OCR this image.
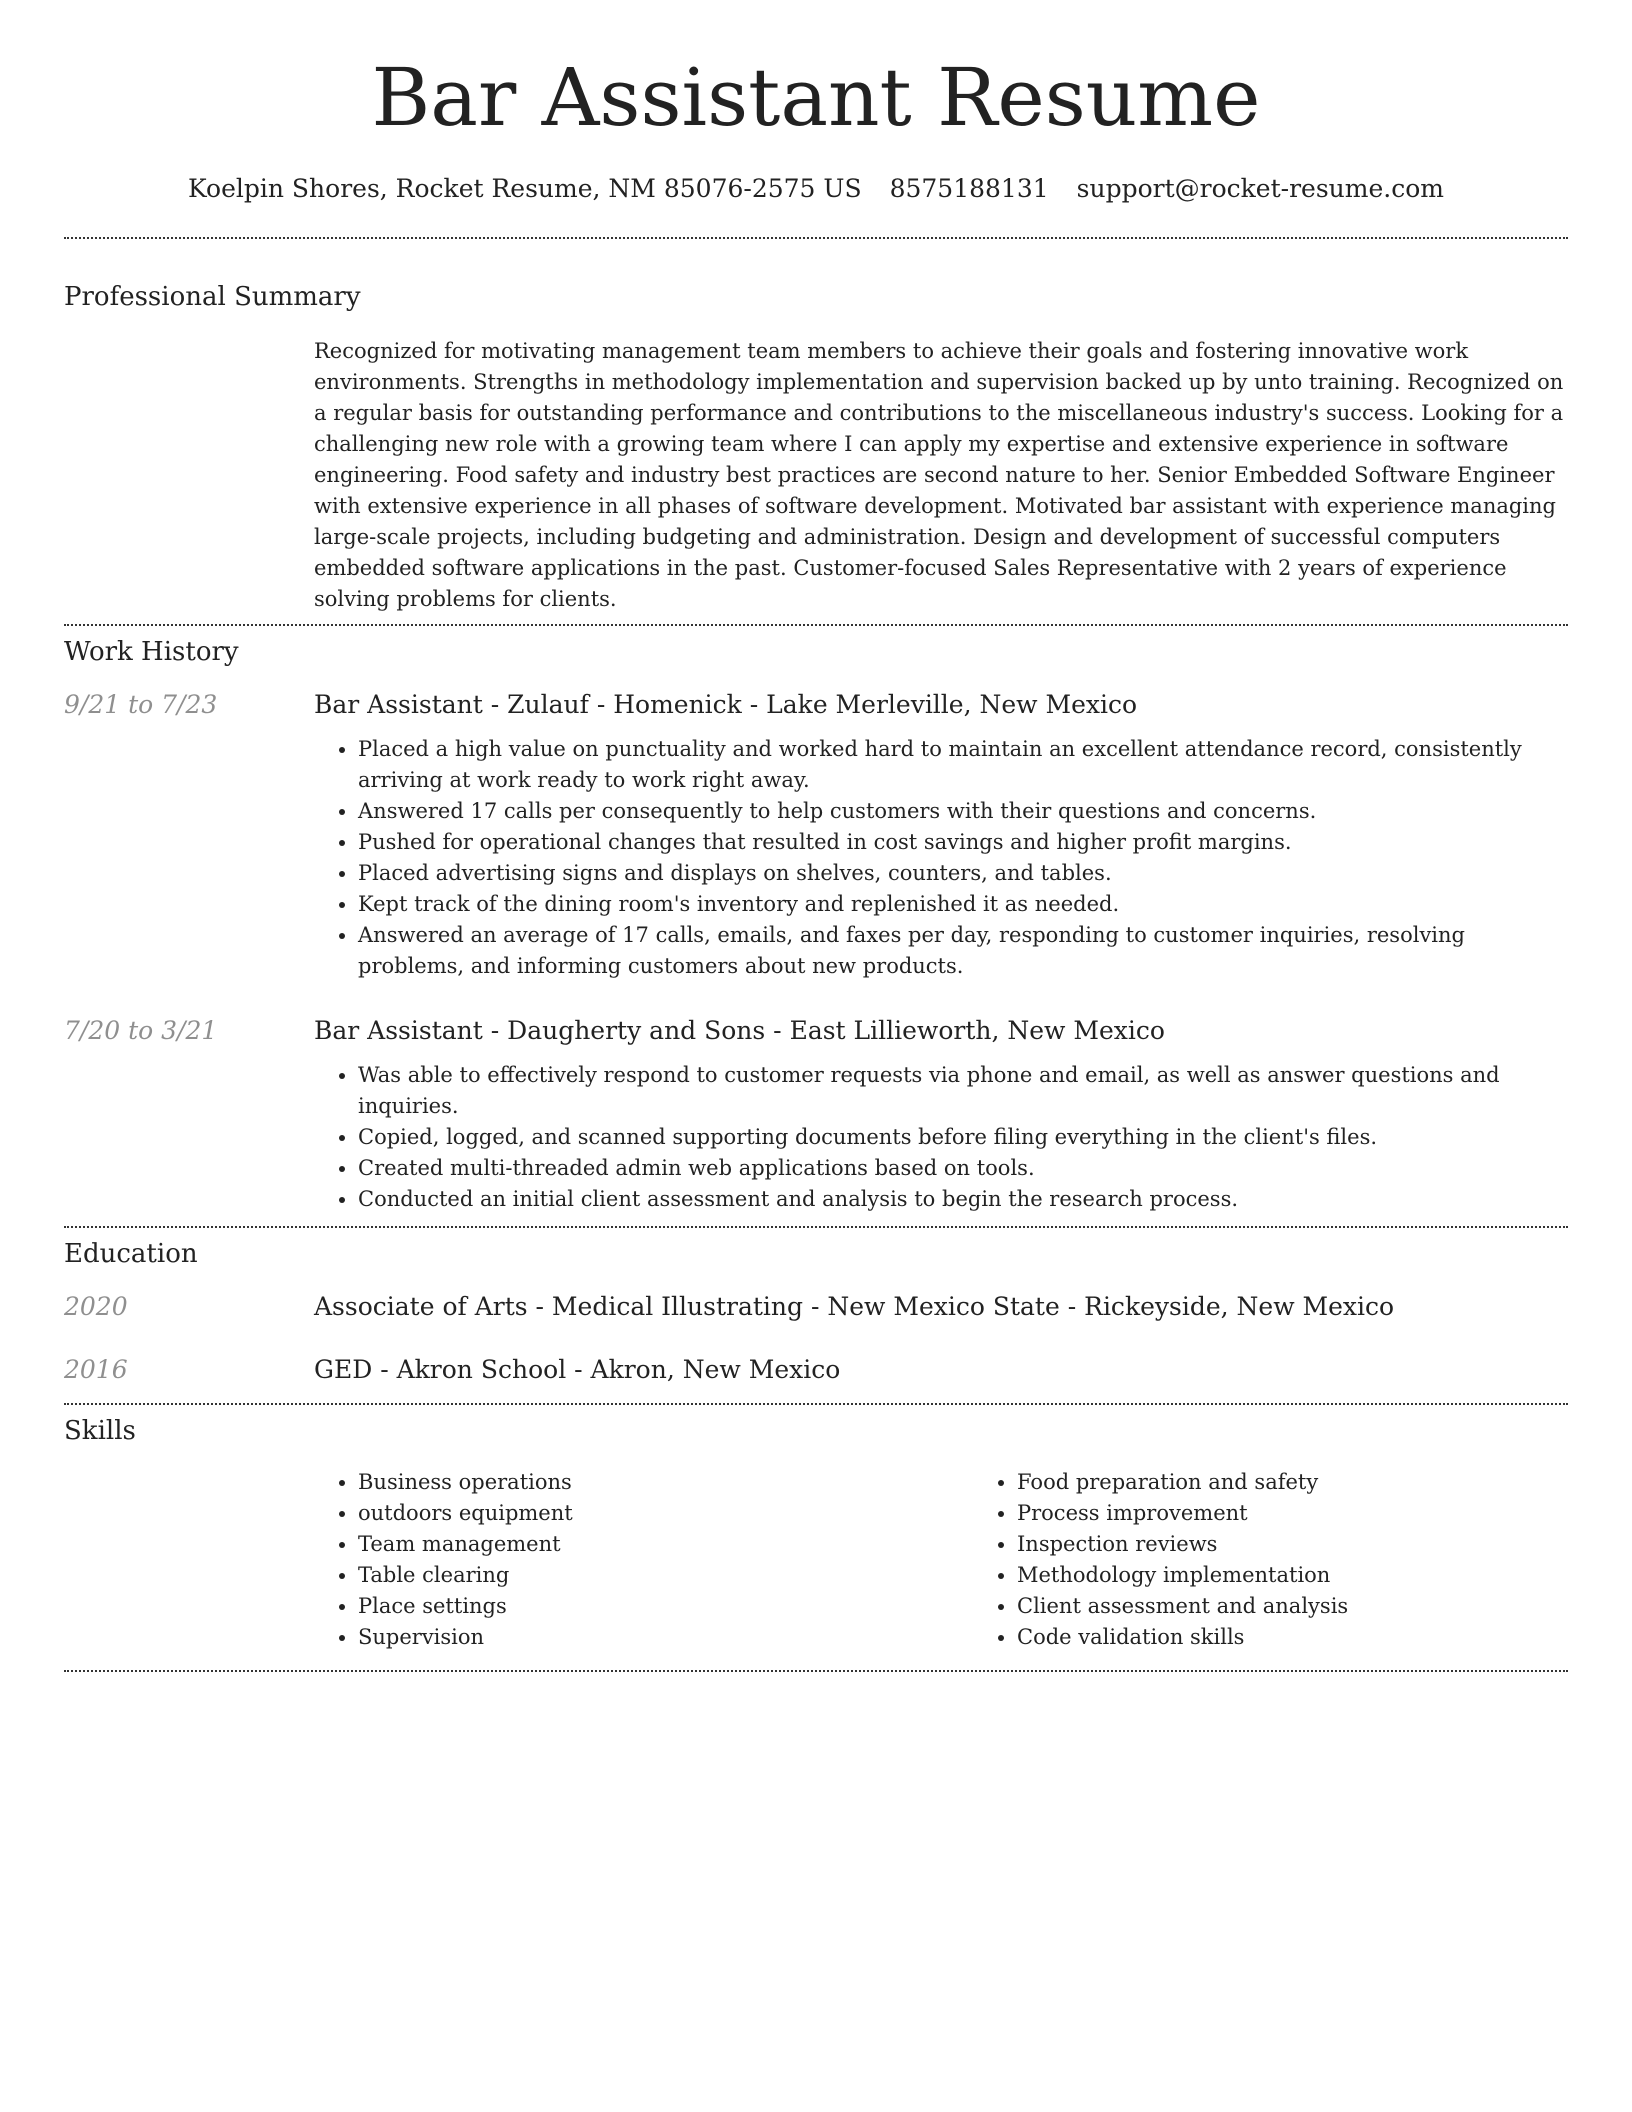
Bar Assistant Resume
Koelpin Shores, Rocket Resume, NM 85076-2575 US 8575188131 support@rocket-resume.com
Professional Summary

Recognized for motivating management team members to achieve their goals and fostering innovative work environments. Strengths in methodology implementation and supervision backed up by unto training. Recognized on a regular basis for outstanding performance and contributions to the miscellaneous industry's success. Looking for a challenging new role with a growing team where I can apply my expertise and extensive experience in software engineering. Food safety and industry best practices are second nature to her. Senior Embedded Software Engineer with extensive experience in all phases of software development. Motivated bar assistant with experience managing large-scale projects, including budgeting and administration. Design and development of successful computers embedded software applications in the past. Customer-focused Sales Representative with 2 years of experience solving problems for clients.

Work History
9/21 to 7/23	Bar Assistant - Zulauf - Homenick - Lake Merleville, New Mexico
• Placed a high value on punctuality and worked hard to maintain an excellent attendance record, consistently arriving at work ready to work right away.
• Answered 17 calls per consequently to help customers with their questions and concerns.
• Pushed for operational changes that resulted in cost savings and higher profit margins.
• Placed advertising signs and displays on shelves, counters, and tables.
• Kept track of the dining room's inventory and replenished it as needed.
• Answered an average of 17 calls, emails, and faxes per day, responding to customer inquiries, resolving problems, and informing customers about new products.
7/20 to 3/21	Bar Assistant - Daugherty and Sons - East Lillieworth, New Mexico
• Was able to effectively respond to customer requests via phone and email, as well as answer questions and inquiries.
• Copied, logged, and scanned supporting documents before filing everything in the client's files.
• Created multi-threaded admin web applications based on tools.
• Conducted an initial client assessment and analysis to begin the research process.
Education
2020	Associate of Arts - Medical Illustrating - New Mexico State - Rickeyside, New Mexico
2016	GED - Akron School - Akron, New Mexico
Skills
• Business operations
• outdoors equipment
• Team management
• Table clearing
• Place settings
• Supervision
• Food preparation and safety
• Process improvement
• Inspection reviews
• Methodology implementation
• Client assessment and analysis
• Code validation skills
